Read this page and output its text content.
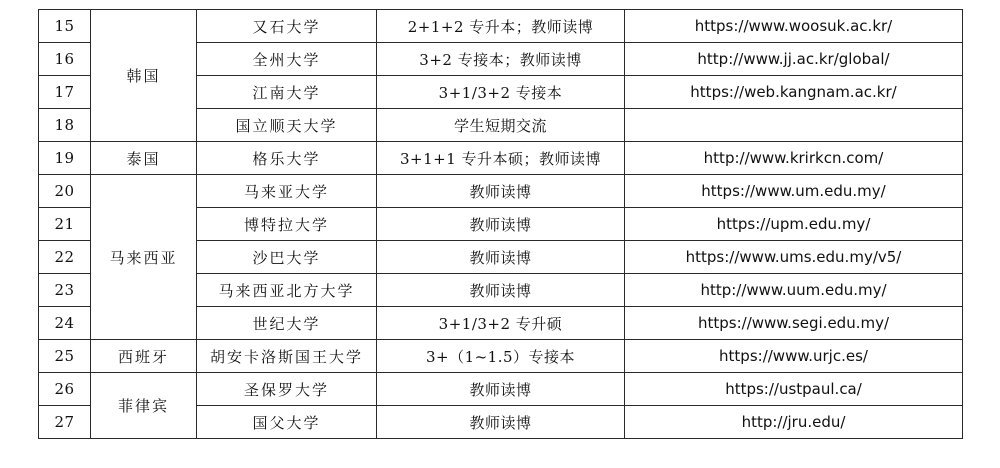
15	韩国	又石大学	2+1+2 专升本；教师读博	https://www.woosuk.ac.kr/
16		全州大学	3+2 专接本；教师读博	http://www.jj.ac.kr/global/
17		江南大学	3+1/3+2 专接本	https://web.kangnam.ac.kr/
18		国立顺天大学	学生短期交流	
19	泰国	格乐大学	3+1+1 专升本硕；教师读博	http://www.krirkcn.com/
20	马来西亚	马来亚大学	教师读博	https://www.um.edu.my/
21		博特拉大学	教师读博	https://upm.edu.my/
22		沙巴大学	教师读博	https://www.ums.edu.my/v5/
23		马来西亚北方大学	教师读博	http://www.uum.edu.my/
24		世纪大学	3+1/3+2 专升硕	https://www.segi.edu.my/
25	西班牙	胡安卡洛斯国王大学	3+（1~1.5）专接本	https://www.urjc.es/
26	菲律宾	圣保罗大学	教师读博	https://ustpaul.ca/
27		国父大学	教师读博	http://jru.edu/
